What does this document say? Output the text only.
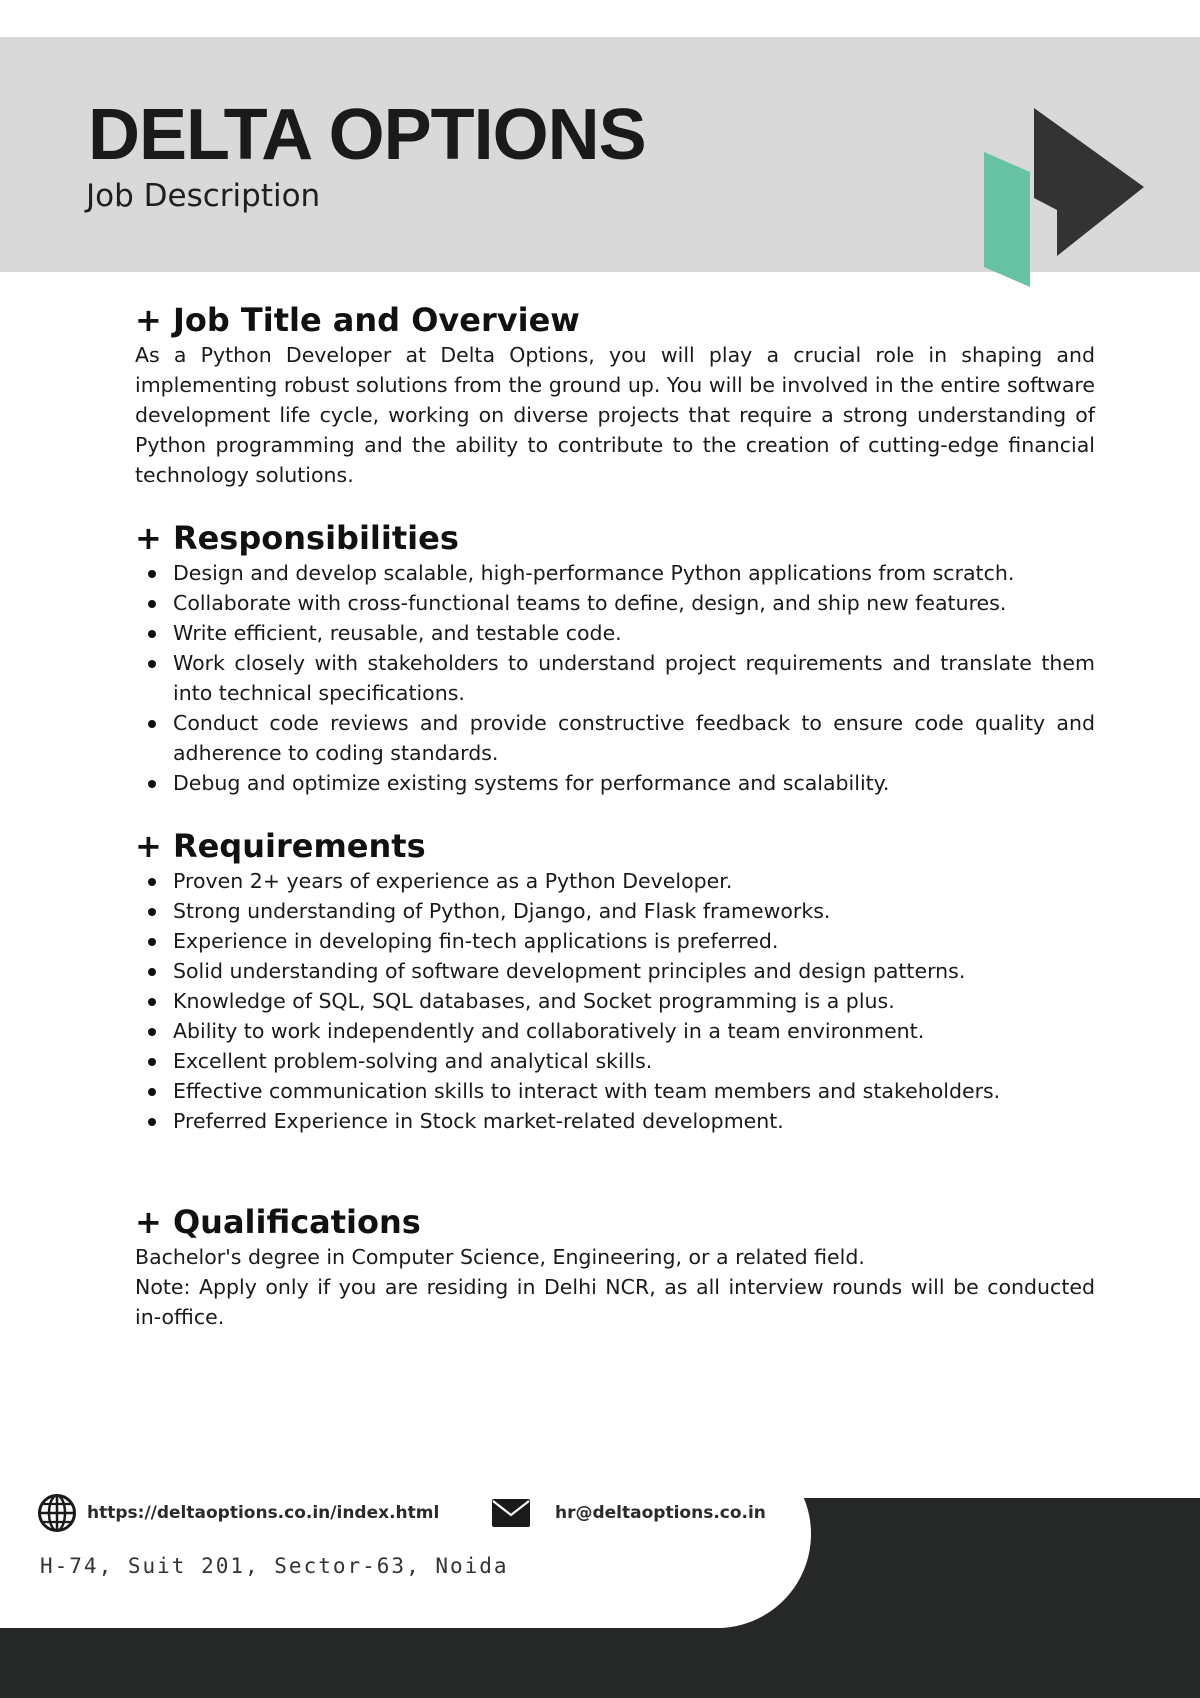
DELTA OPTIONS
Job Description
+ Job Title and Overview

As a Python Developer at Delta Options, you will play a crucial role in shaping and implementing robust solutions from the ground up. You will be involved in the entire software development life cycle, working on diverse projects that require a strong understanding of Python programming and the ability to contribute to the creation of cutting-edge financial technology solutions.

+ Responsibilities
Design and develop scalable, high-performance Python applications from scratch.
Collaborate with cross-functional teams to define, design, and ship new features.
Write efficient, reusable, and testable code.
Work closely with stakeholders to understand project requirements and translate them into technical specifications.
Conduct code reviews and provide constructive feedback to ensure code quality and adherence to coding standards.
Debug and optimize existing systems for performance and scalability.
+ Requirements
Proven 2+ years of experience as a Python Developer.
Strong understanding of Python, Django, and Flask frameworks.
Experience in developing fin-tech applications is preferred.
Solid understanding of software development principles and design patterns.
Knowledge of SQL, SQL databases, and Socket programming is a plus.
Ability to work independently and collaboratively in a team environment.
Excellent problem-solving and analytical skills.
Effective communication skills to interact with team members and stakeholders.
Preferred Experience in Stock market-related development.
+ Qualifications

Bachelor's degree in Computer Science, Engineering, or a related field.

Note: Apply only if you are residing in Delhi NCR, as all interview rounds will be conducted in-office.

https://deltaoptions.co.in/index.html	hr@deltaoptions.co.in
H-74, Suit 201, Sector-63, Noida
